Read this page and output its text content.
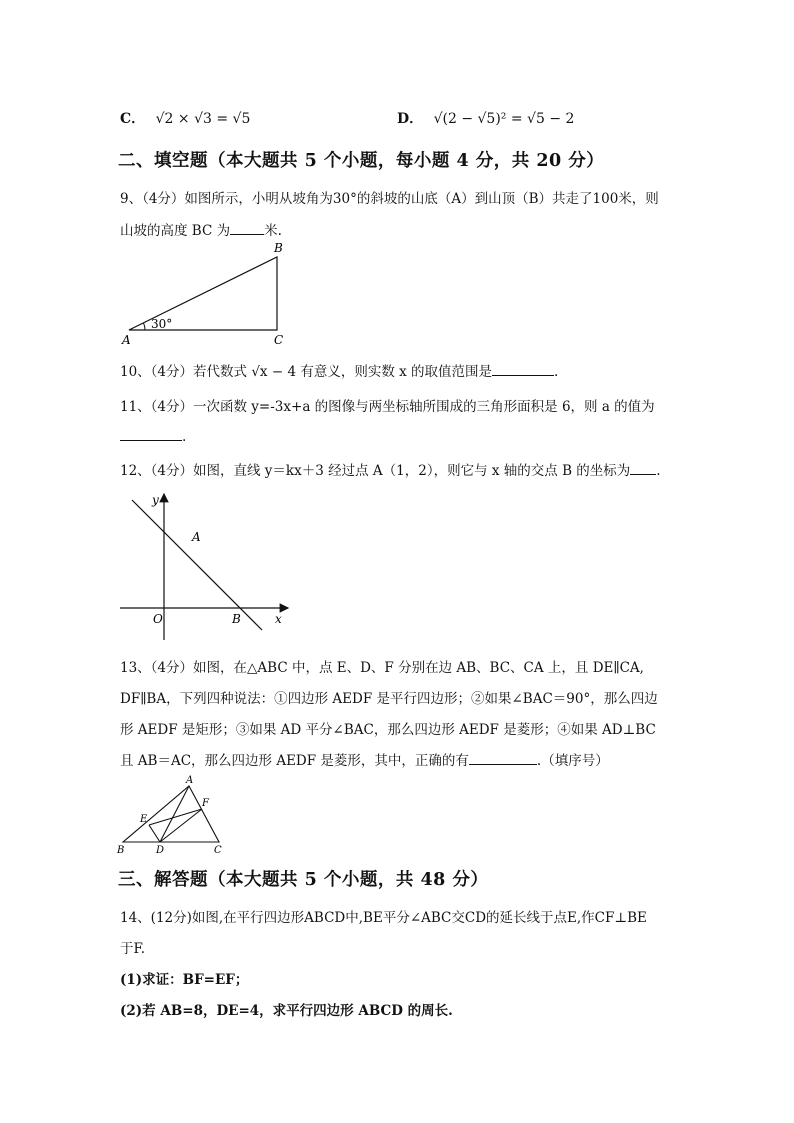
C． √2 × √3 = √5	D． √(2 − √5)² = √5 − 2
二、填空题（本大题共 5 个小题，每小题 4 分，共 20 分）
9、（4分）如图所示，小明从坡角为30°的斜坡的山底（A）到山顶（B）共走了100米，则
山坡的高度 BC 为	米.
30°
A
B
C
10、（4分）若代数式 √x − 4 有意义，则实数 x 的取值范围是	.
11、（4分）一次函数 y=-3x+a 的图像与两坐标轴所围成的三角形面积是 6，则 a 的值为
.
12、（4分）如图，直线 y＝kx＋3 经过点 A（1，2），则它与 x 轴的交点 B 的坐标为 .
y
x
O
A
B
13、（4分）如图，在△ABC 中，点 E、D、F 分别在边 AB、BC、CA 上，且 DE∥CA,
DF∥BA，下列四种说法：①四边形 AEDF 是平行四边形；②如果∠BAC＝90°，那么四边
形 AEDF 是矩形；③如果 AD 平分∠BAC，那么四边形 AEDF 是菱形；④如果 AD⊥BC
且 AB＝AC，那么四边形 AEDF 是菱形，其中，正确的有	.（填序号）
A
B	C
D
E
F
三、解答题（本大题共 5 个小题，共 48 分）
14、(12分)如图,在平行四边形ABCD中,BE平分∠ABC交CD的延长线于点E,作CF⊥BE
于F.
(1)求证：BF=EF；
(2)若 AB=8，DE=4，求平行四边形 ABCD 的周长.
